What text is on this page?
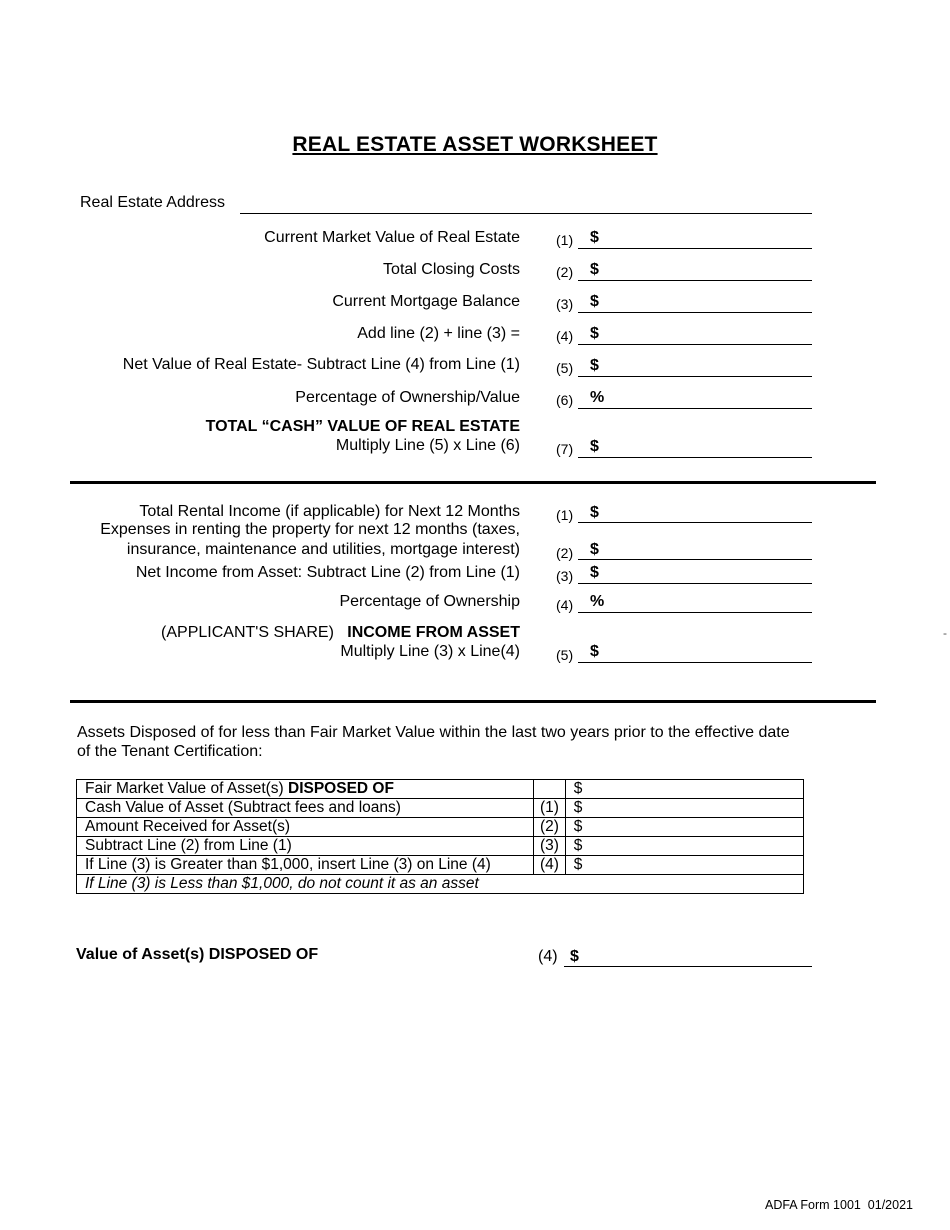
REAL ESTATE ASSET WORKSHEET
Real Estate Address
Current Market Value of Real Estate	(1) $
Total Closing Costs	(2) $
Current Mortgage Balance	(3) $
Add line (2) + line (3) =	(4) $
Net Value of Real Estate- Subtract Line (4) from Line (1)	(5) $
Percentage of Ownership/Value	(6) %
TOTAL “CASH” VALUE OF REAL ESTATE
Multiply Line (5) x Line (6)	(7) $
Total Rental Income (if applicable) for Next 12 Months	(1) $
Expenses in renting the property for next 12 months (taxes,
insurance, maintenance and utilities, mortgage interest)	(2) $
Net Income from Asset: Subtract Line (2) from Line (1)	(3) $
Percentage of Ownership	(4) %
(APPLICANT'S SHARE) INCOME FROM ASSET
Multiply Line (3) x Line(4)	(5) $
Assets Disposed of for less than Fair Market Value within the last two years prior to the effective date of the Tenant Certification:
Fair Market Value of Asset(s) DISPOSED OF		$
Cash Value of Asset (Subtract fees and loans)	(1)	$
Amount Received for Asset(s)	(2)	$
Subtract Line (2) from Line (1)	(3)	$
If Line (3) is Greater than $1,000, insert Line (3) on Line (4)	(4)	$
If Line (3) is Less than $1,000, do not count it as an asset		
Value of Asset(s) DISPOSED OF	(4) $
-
ADFA Form 1001  01/2021
